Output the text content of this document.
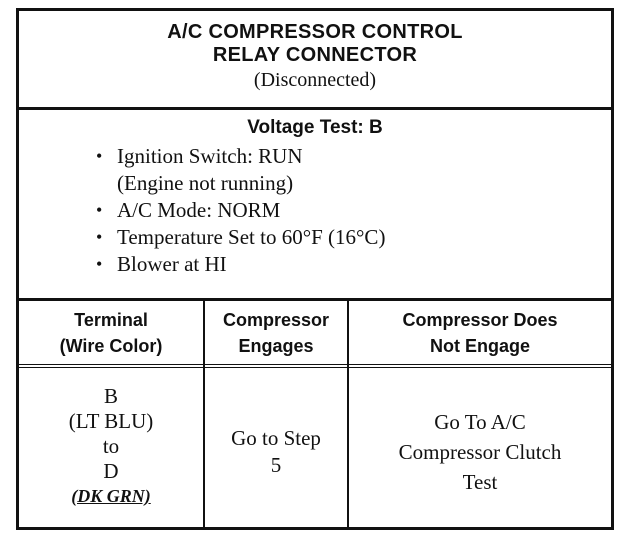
A/C COMPRESSOR CONTROL
RELAY CONNECTOR
(Disconnected)
Voltage Test: B
• Ignition Switch: RUN
(Engine not running)
• A/C Mode: NORM
• Temperature Set to 60°F (16°C)
• Blower at HI
Terminal
(Wire Color)
B
(LT BLU)
to
D
(DK GRN)
Compressor
Engages
Go to Step
5
Compressor Does
Not Engage
Go To A/C
Compressor Clutch
Test
